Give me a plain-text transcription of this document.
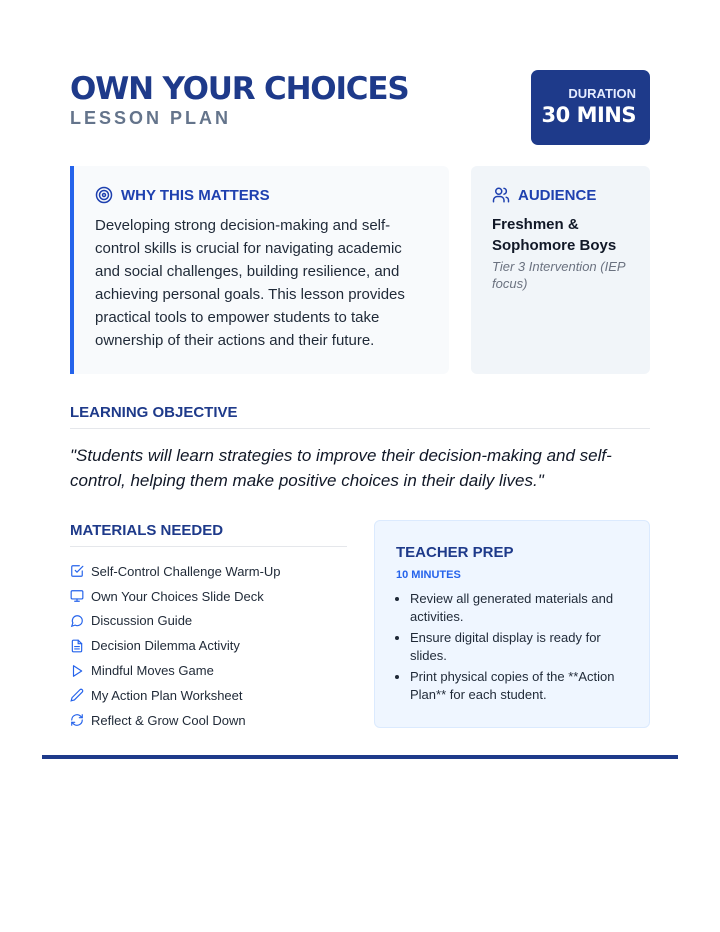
OWN YOUR CHOICES
LESSON PLAN
DURATION
30 MINS
WHY THIS MATTERS

Developing strong decision-making and self-control skills is crucial for navigating academic and social challenges, building resilience, and achieving personal goals. This lesson provides practical tools to empower students to take ownership of their actions and their future.

AUDIENCE
Freshmen & Sophomore Boys
Tier 3 Intervention (IEP focus)
LEARNING OBJECTIVE
"Students will learn strategies to improve their decision-making and self-control, helping them make positive choices in their daily lives."
MATERIALS NEEDED
Self-Control Challenge Warm-Up
Own Your Choices Slide Deck
Discussion Guide
Decision Dilemma Activity
Mindful Moves Game
My Action Plan Worksheet
Reflect & Grow Cool Down
TEACHER PREP
10 MINUTES
• Review all generated materials and activities.
• Ensure digital display is ready for slides.
• Print physical copies of the **Action Plan** for each student.
